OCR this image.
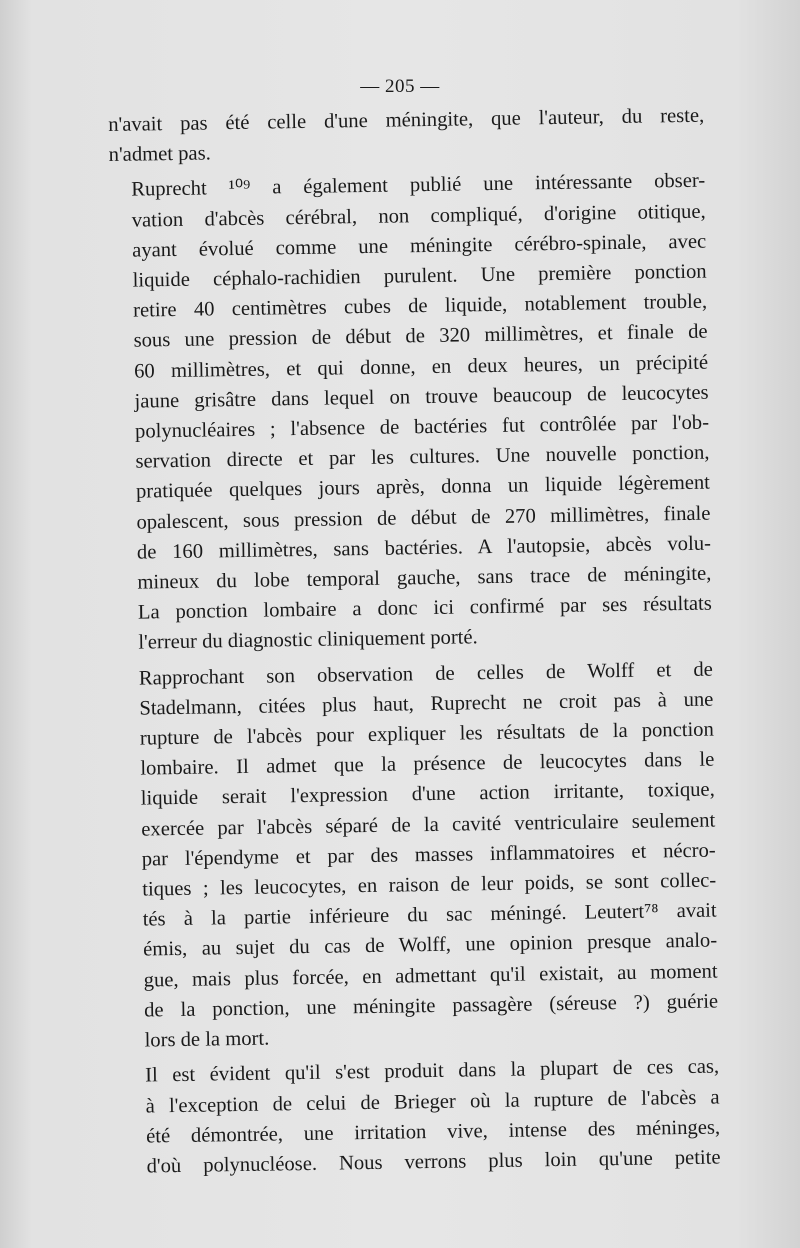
— 205 —
n'avait pas été celle d'une méningite, que l'auteur, du reste,
n'admet pas.
Ruprecht ¹⁰⁹ a également publié une intéressante obser-
vation d'abcès cérébral, non compliqué, d'origine otitique,
ayant évolué comme une méningite cérébro-spinale, avec
liquide céphalo-rachidien purulent. Une première ponction
retire 40 centimètres cubes de liquide, notablement trouble,
sous une pression de début de 320 millimètres, et finale de
60 millimètres, et qui donne, en deux heures, un précipité
jaune grisâtre dans lequel on trouve beaucoup de leucocytes
polynucléaires ; l'absence de bactéries fut contrôlée par l'ob-
servation directe et par les cultures. Une nouvelle ponction,
pratiquée quelques jours après, donna un liquide légèrement
opalescent, sous pression de début de 270 millimètres, finale
de 160 millimètres, sans bactéries. A l'autopsie, abcès volu-
mineux du lobe temporal gauche, sans trace de méningite,
La ponction lombaire a donc ici confirmé par ses résultats
l'erreur du diagnostic cliniquement porté.
Rapprochant son observation de celles de Wolff et de
Stadelmann, citées plus haut, Ruprecht ne croit pas à une
rupture de l'abcès pour expliquer les résultats de la ponction
lombaire. Il admet que la présence de leucocytes dans le
liquide serait l'expression d'une action irritante, toxique,
exercée par l'abcès séparé de la cavité ventriculaire seulement
par l'épendyme et par des masses inflammatoires et nécro-
tiques ; les leucocytes, en raison de leur poids, se sont collec-
tés à la partie inférieure du sac méningé. Leutert⁷⁸ avait
émis, au sujet du cas de Wolff, une opinion presque analo-
gue, mais plus forcée, en admettant qu'il existait, au moment
de la ponction, une méningite passagère (séreuse ?) guérie
lors de la mort.
Il est évident qu'il s'est produit dans la plupart de ces cas,
à l'exception de celui de Brieger où la rupture de l'abcès a
été démontrée, une irritation vive, intense des méninges,
d'où polynucléose. Nous verrons plus loin qu'une petite
